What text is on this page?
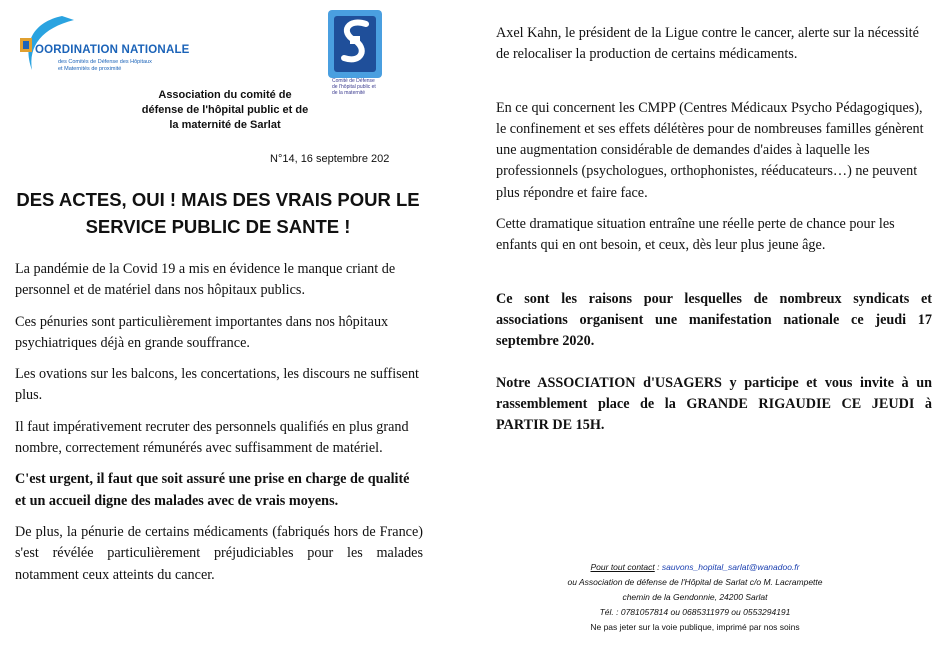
OORDINATION NATIONALE
des Comités de Défense des Hôpitaux
et Maternités de proximité
Comité de Défense de l'hôpital public et de la maternité
Association du comité de
défense de l'hôpital public et de
la maternité de Sarlat
N°14, 16 septembre 202
DES ACTES, OUI ! MAIS DES VRAIS POUR LE
SERVICE PUBLIC DE SANTE !

La pandémie de la Covid 19 a mis en évidence le manque criant de personnel et de matériel dans nos hôpitaux publics.

Ces pénuries sont particulièrement importantes dans nos hôpitaux psychiatriques déjà en grande souffrance.

Les ovations sur les balcons, les concertations, les discours ne suffisent plus.

Il faut impérativement recruter des personnels qualifiés en plus grand nombre, correctement rémunérés avec suffisamment de matériel.

C'est urgent, il faut que soit assuré une prise en charge de qualité et un accueil digne des malades avec de vrais moyens.

De plus, la pénurie de certains médicaments (fabriqués hors de France) s'est révélée particulièrement préjudiciables pour les malades notamment ceux atteints du cancer.

Axel Kahn, le président de la Ligue contre le cancer, alerte sur la nécessité de relocaliser la production de certains médicaments.

En ce qui concernent les CMPP (Centres Médicaux Psycho Pédagogiques), le confinement et ses effets délétères pour de nombreuses familles génèrent une augmentation considérable de demandes d'aides à laquelle les professionnels (psychologues, orthophonistes, rééducateurs…) ne peuvent plus répondre et faire face.

Cette dramatique situation entraîne une réelle perte de chance pour les enfants qui en ont besoin, et ceux, dès leur plus jeune âge.

Ce sont les raisons pour lesquelles de nombreux syndicats et associations organisent une manifestation nationale ce jeudi 17 septembre 2020.

Notre ASSOCIATION d'USAGERS y participe et vous invite à un rassemblement place de la GRANDE RIGAUDIE CE JEUDI à PARTIR DE 15H.

Pour tout contact : sauvons_hopital_sarlat@wanadoo.fr
ou Association de défense de l'Hôpital de Sarlat c/o M. Lacrampette
chemin de la Gendonnie, 24200 Sarlat
Tél. : 0781057814 ou 0685311979 ou 0553294191
Ne pas jeter sur la voie publique, imprimé par nos soins
